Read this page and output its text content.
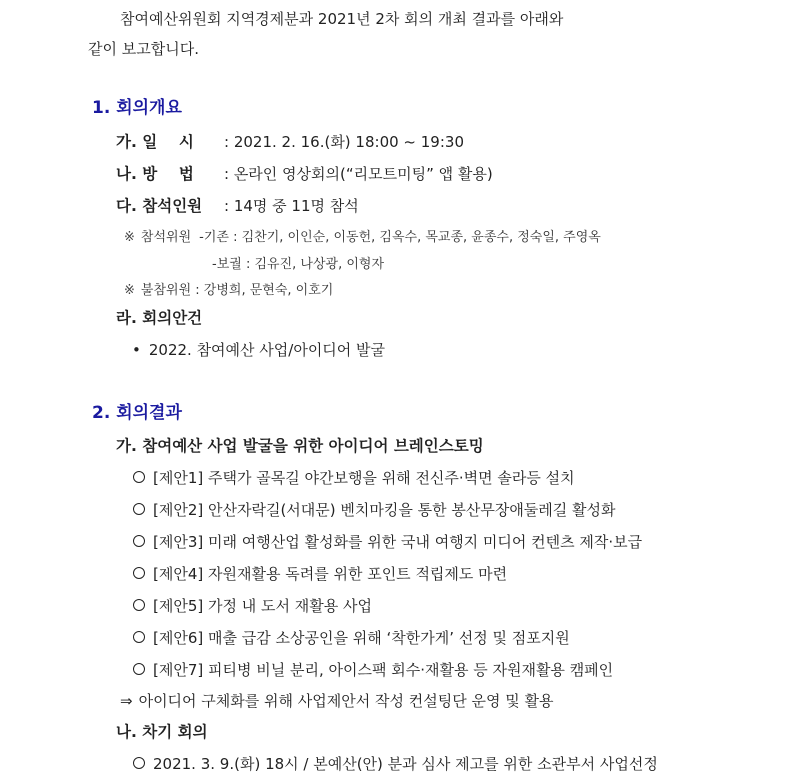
참여예산위원회 지역경제분과 2021년 2차 회의 개최 결과를 아래와
같이 보고합니다.
1. 회의개요
가. 일    시 : 2021. 2. 16.(화) 18:00 ~ 19:30
나. 방    법 : 온라인 영상회의(“리모트미팅” 앱 활용)
다. 참석인원 : 14명 중 11명 참석
※ 참석위원 -기존 : 김찬기, 이인순, 이동헌, 김옥수, 목교종, 윤종수, 정숙일, 주영옥
-보궐 : 김유진, 나상광, 이형자
※ 불참위원 : 강병희, 문현숙, 이호기
라. 회의안건
• 2022. 참여예산 사업/아이디어 발굴
2. 회의결과
가. 참여예산 사업 발굴을 위한 아이디어 브레인스토밍
[제안1] 주택가 골목길 야간보행을 위해 전신주·벽면 솔라등 설치
[제안2] 안산자락길(서대문) 벤치마킹을 통한 봉산무장애둘레길 활성화
[제안3] 미래 여행산업 활성화를 위한 국내 여행지 미디어 컨텐츠 제작·보급
[제안4] 자원재활용 독려를 위한 포인트 적립제도 마련
[제안5] 가정 내 도서 재활용 사업
[제안6] 매출 급감 소상공인을 위해 ‘착한가게’ 선정 및 점포지원
[제안7] 피티병 비닐 분리, 아이스팩 회수·재활용 등 자원재활용 캠페인
⇒ 아이디어 구체화를 위해 사업제안서 작성 컨설팅단 운영 및 활용
나. 차기 회의
2021. 3. 9.(화) 18시 / 본예산(안) 분과 심사 제고를 위한 소관부서 사업선정
